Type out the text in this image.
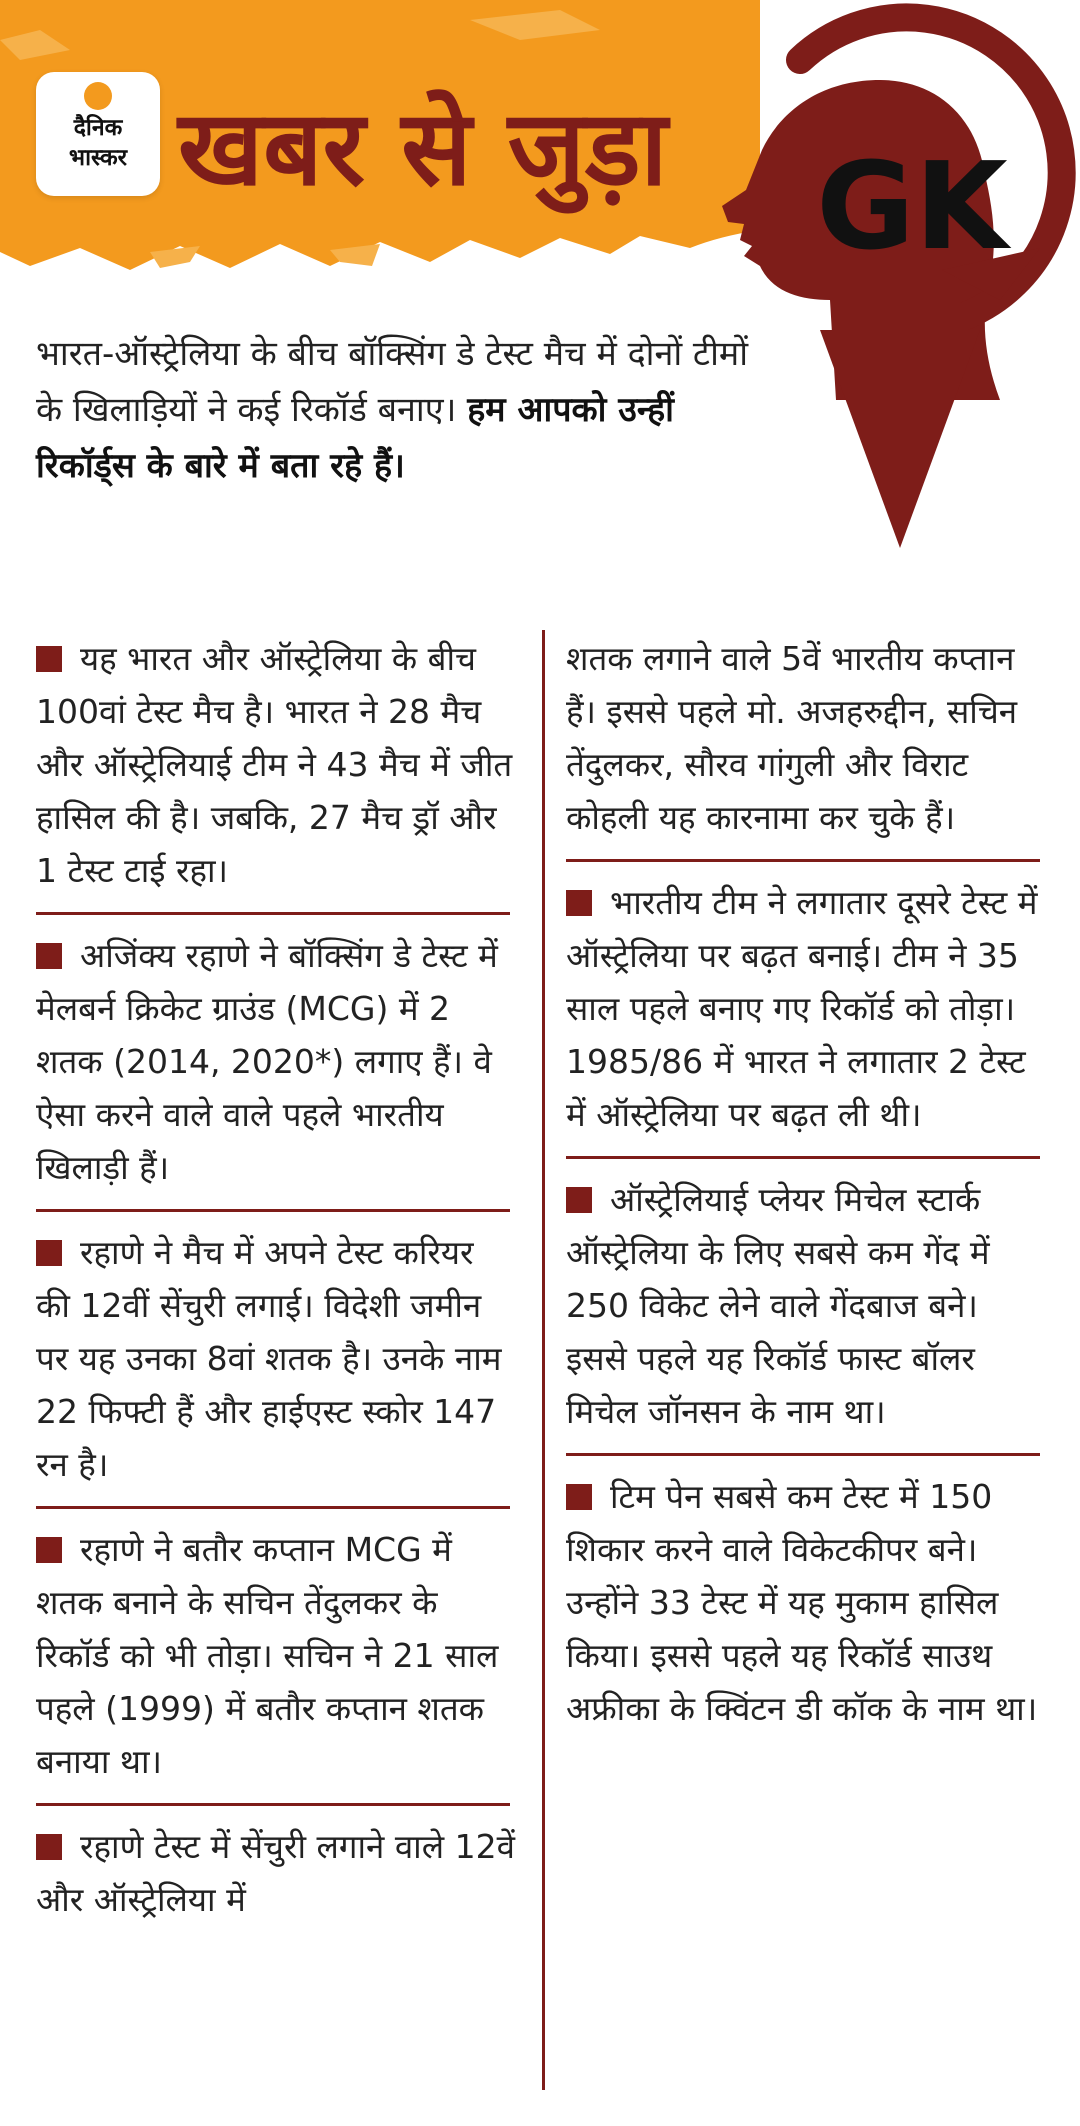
दैनिक
भास्कर खबर से जुड़ा GK
भारत-ऑस्ट्रेलिया के बीच बॉक्सिंग डे टेस्ट मैच में दोनों टीमों के खिलाड़ियों ने कई रिकॉर्ड बनाए। हम आपको उन्हीं रिकॉर्ड्स के बारे में बता रहे हैं।
यह भारत और ऑस्ट्रेलिया के बीच 100वां टेस्ट मैच है। भारत ने 28 मैच और ऑस्ट्रेलियाई टीम ने 43 मैच में जीत हासिल की है। जबकि, 27 मैच ड्रॉ और 1 टेस्ट टाई रहा।
अजिंक्य रहाणे ने बॉक्सिंग डे टेस्ट में मेलबर्न क्रिकेट ग्राउंड (MCG) में 2 शतक (2014, 2020*) लगाए हैं। वे ऐसा करने वाले वाले पहले भारतीय खिलाड़ी हैं।
रहाणे ने मैच में अपने टेस्ट करियर की 12वीं सेंचुरी लगाई। विदेशी जमीन पर यह उनका 8वां शतक है। उनके नाम 22 फिफ्टी हैं और हाईएस्ट स्कोर 147 रन है।
रहाणे ने बतौर कप्तान MCG में शतक बनाने के सचिन तेंदुलकर के रिकॉर्ड को भी तोड़ा। सचिन ने 21 साल पहले (1999) में बतौर कप्तान शतक बनाया था।
रहाणे टेस्ट में सेंचुरी लगाने वाले 12वें और ऑस्ट्रेलिया में
शतक लगाने वाले 5वें भारतीय कप्तान हैं। इससे पहले मो. अजहरुद्दीन, सचिन तेंदुलकर, सौरव गांगुली और विराट कोहली यह कारनामा कर चुके हैं।
भारतीय टीम ने लगातार दूसरे टेस्ट में ऑस्ट्रेलिया पर बढ़त बनाई। टीम ने 35 साल पहले बनाए गए रिकॉर्ड को तोड़ा। 1985/86 में भारत ने लगातार 2 टेस्ट में ऑस्ट्रेलिया पर बढ़त ली थी।
ऑस्ट्रेलियाई प्लेयर मिचेल स्टार्क ऑस्ट्रेलिया के लिए सबसे कम गेंद में 250 विकेट लेने वाले गेंदबाज बने। इससे पहले यह रिकॉर्ड फास्ट बॉलर मिचेल जॉनसन के नाम था।
टिम पेन सबसे कम टेस्ट में 150 शिकार करने वाले विकेटकीपर बने। उन्होंने 33 टेस्ट में यह मुकाम हासिल किया। इससे पहले यह रिकॉर्ड साउथ अफ्रीका के क्विंटन डी कॉक के नाम था।
